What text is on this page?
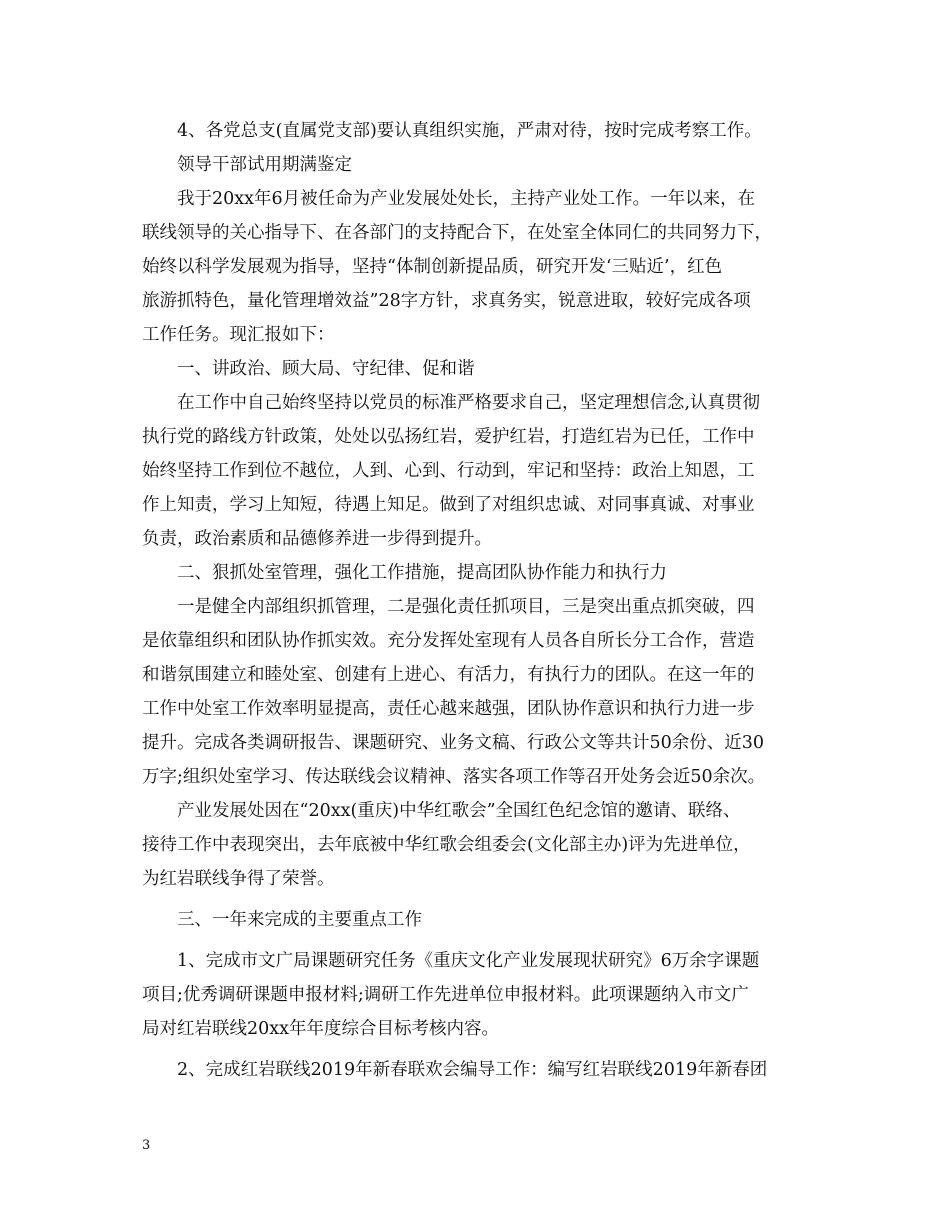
4、各党总支(直属党支部)要认真组织实施，严肃对待，按时完成考察工作。
领导干部试用期满鉴定
我于20xx年6月被任命为产业发展处处长，主持产业处工作。一年以来，在
联线领导的关心指导下、在各部门的支持配合下，在处室全体同仁的共同努力下，
始终以科学发展观为指导，坚持“体制创新提品质，研究开发‘三贴近’，红色
旅游抓特色，量化管理增效益”28字方针，求真务实，锐意进取，较好完成各项
工作任务。现汇报如下：
一、讲政治、顾大局、守纪律、促和谐
在工作中自己始终坚持以党员的标准严格要求自己，坚定理想信念,认真贯彻
执行党的路线方针政策，处处以弘扬红岩，爱护红岩，打造红岩为已任，工作中
始终坚持工作到位不越位，人到、心到、行动到，牢记和坚持：政治上知恩，工
作上知责，学习上知短，待遇上知足。做到了对组织忠诚、对同事真诚、对事业
负责，政治素质和品德修养进一步得到提升。
二、狠抓处室管理，强化工作措施，提高团队协作能力和执行力
一是健全内部组织抓管理，二是强化责任抓项目，三是突出重点抓突破，四
是依靠组织和团队协作抓实效。充分发挥处室现有人员各自所长分工合作，营造
和谐氛围建立和睦处室、创建有上进心、有活力，有执行力的团队。在这一年的
工作中处室工作效率明显提高，责任心越来越强，团队协作意识和执行力进一步
提升。完成各类调研报告、课题研究、业务文稿、行政公文等共计50余份、近30
万字;组织处室学习、传达联线会议精神、落实各项工作等召开处务会近50余次。
产业发展处因在“20xx(重庆)中华红歌会”全国红色纪念馆的邀请、联络、
接待工作中表现突出，去年底被中华红歌会组委会(文化部主办)评为先进单位，
为红岩联线争得了荣誉。
三、一年来完成的主要重点工作
1、完成市文广局课题研究任务《重庆文化产业发展现状研究》6万余字课题
项目;优秀调研课题申报材料;调研工作先进单位申报材料。此项课题纳入市文广
局对红岩联线20xx年年度综合目标考核内容。
2、完成红岩联线2019年新春联欢会编导工作：编写红岩联线2019年新春团
3
